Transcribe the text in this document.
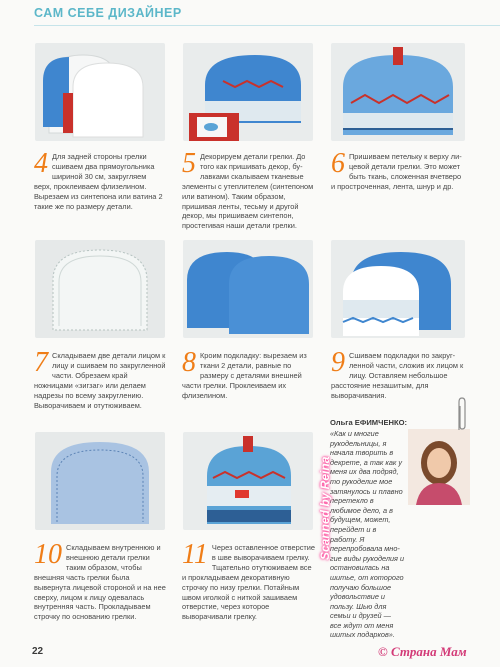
САМ СЕБЕ ДИЗАЙНЕР
4 Для задней стороны грелки сшиваем два прямоугольника шириной 30 см, закругляем верх, проклеиваем флизелином. Вырезаем из синтепона или ватина 2 такие же по размеру детали.
5 Декорируем детали грелки. До того как пришивать декор, булавками скалываем тканевые элементы с утеплителем (синтепоном или ватином). Таким образом, пришивая ленты, тесьму и другой декор, мы пришиваем синтепон, простегивая наши детали грелки.
6 Пришиваем петельку к верху лицевой детали грелки. Это может быть ткань, сложенная вчетверо и простроченная, лента, шнур и др.
7 Складываем две детали лицом к лицу и сшиваем по закругленной части. Обрезаем край ножницами «зигзаг» или делаем надрезы по всему закруглению. Выворачиваем и отутюживаем.
8 Кроим подкладку: вырезаем из ткани 2 детали, равные по размеру с деталями внешней части грелки. Проклеиваем их флизелином.
9 Сшиваем подкладки по закругленной части, сложив их лицом к лицу. Оставляем небольшое расстояние незашитым, для выворачивания.
10 Складываем внутреннюю и внешнюю детали грелки таким образом, чтобы внешняя часть грелки была вывернута лицевой стороной и на нее сверху, лицом к лицу одевалась внутренняя часть. Прокладываем строчку по основанию грелки.
11 Через оставленное отверстие в шве выворачиваем грелку. Тщательно отутюживаем все и прокладываем декоративную строчку по низу грелки. Потайным швом иголкой с ниткой зашиваем отверстие, через которое выворачивали грелку.
Ольга ЕФИМЧЕНКО:
«Как и многие рукодельницы, я начала творить в декрете, а так как у меня их два подряд, то рукоделие мое затянулось и плавно перетекло в любимое дело, а в будущем, может, перейдет и в работу. Я перепробовала многие виды рукоделия и остановилась на шитье, от которого получаю большое удовольствие и пользу. Шью для семьи и друзей — все ждут от меня шитых подарков».
Scanned by Reina
22	© Страна Мам
